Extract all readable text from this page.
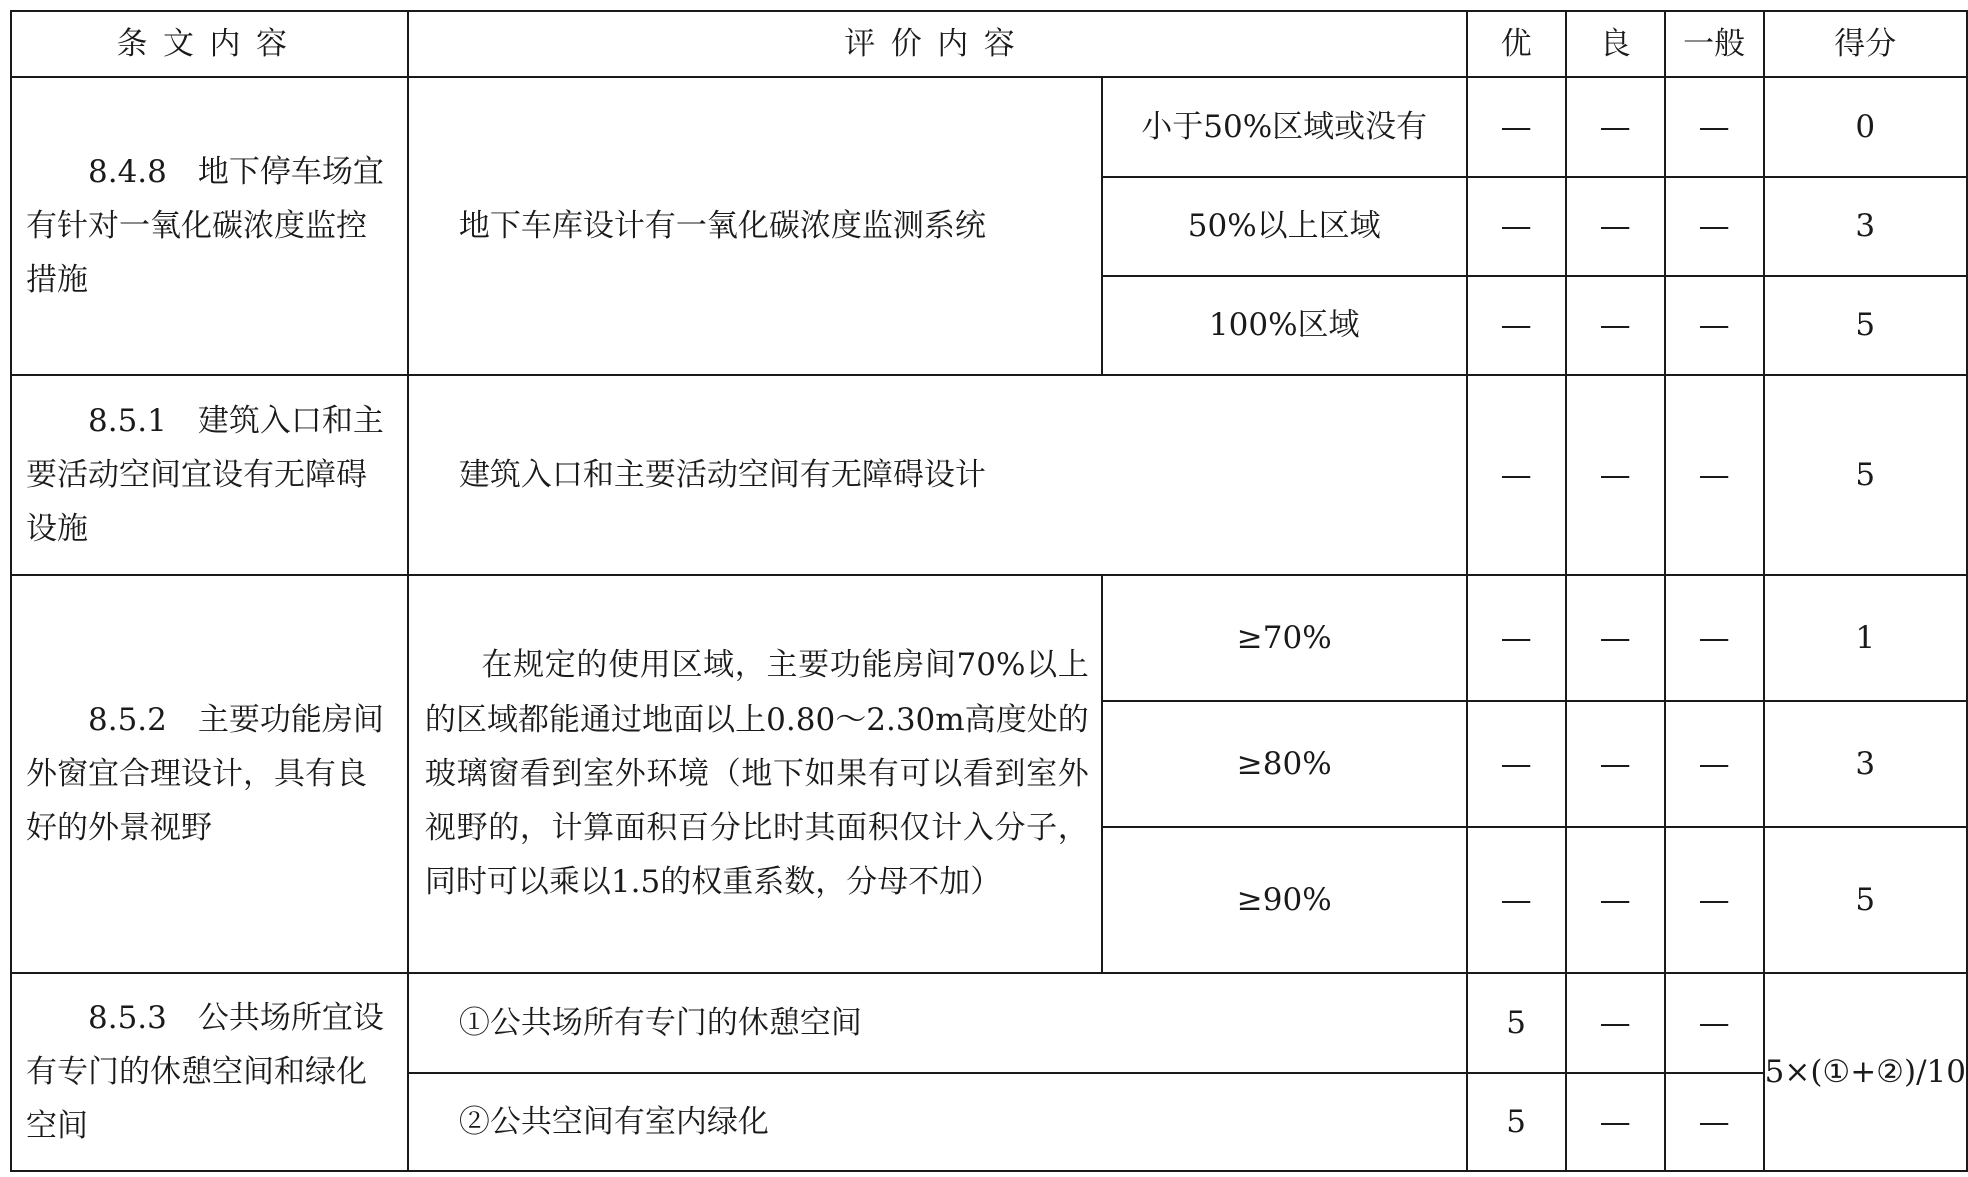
条文内容	评价内容		优	良	一般	得分
8.4.8　地下停车场宜有针对一氧化碳浓度监控措施	地下车库设计有一氧化碳浓度监测系统	小于50%区域或没有	—	—	—	0
		50%以上区域	—	—	—	3
		100%区域	—	—	—	5
8.5.1　建筑入口和主要活动空间宜设有无障碍设施	建筑入口和主要活动空间有无障碍设计		—	—	—	5
8.5.2　主要功能房间外窗宜合理设计，具有良好的外景视野	在规定的使用区域，主要功能房间70%以上的区域都能通过地面以上0.80～2.30m高度处的玻璃窗看到室外环境（地下如果有可以看到室外视野的，计算面积百分比时其面积仅计入分子，同时可以乘以1.5的权重系数，分母不加）	≥70%	—	—	—	1
		≥80%	—	—	—	3
		≥90%	—	—	—	5
8.5.3　公共场所宜设有专门的休憩空间和绿化空间	①公共场所有专门的休憩空间		5	—	—	5×(①+②)/10
	②公共空间有室内绿化		5	—	—	
